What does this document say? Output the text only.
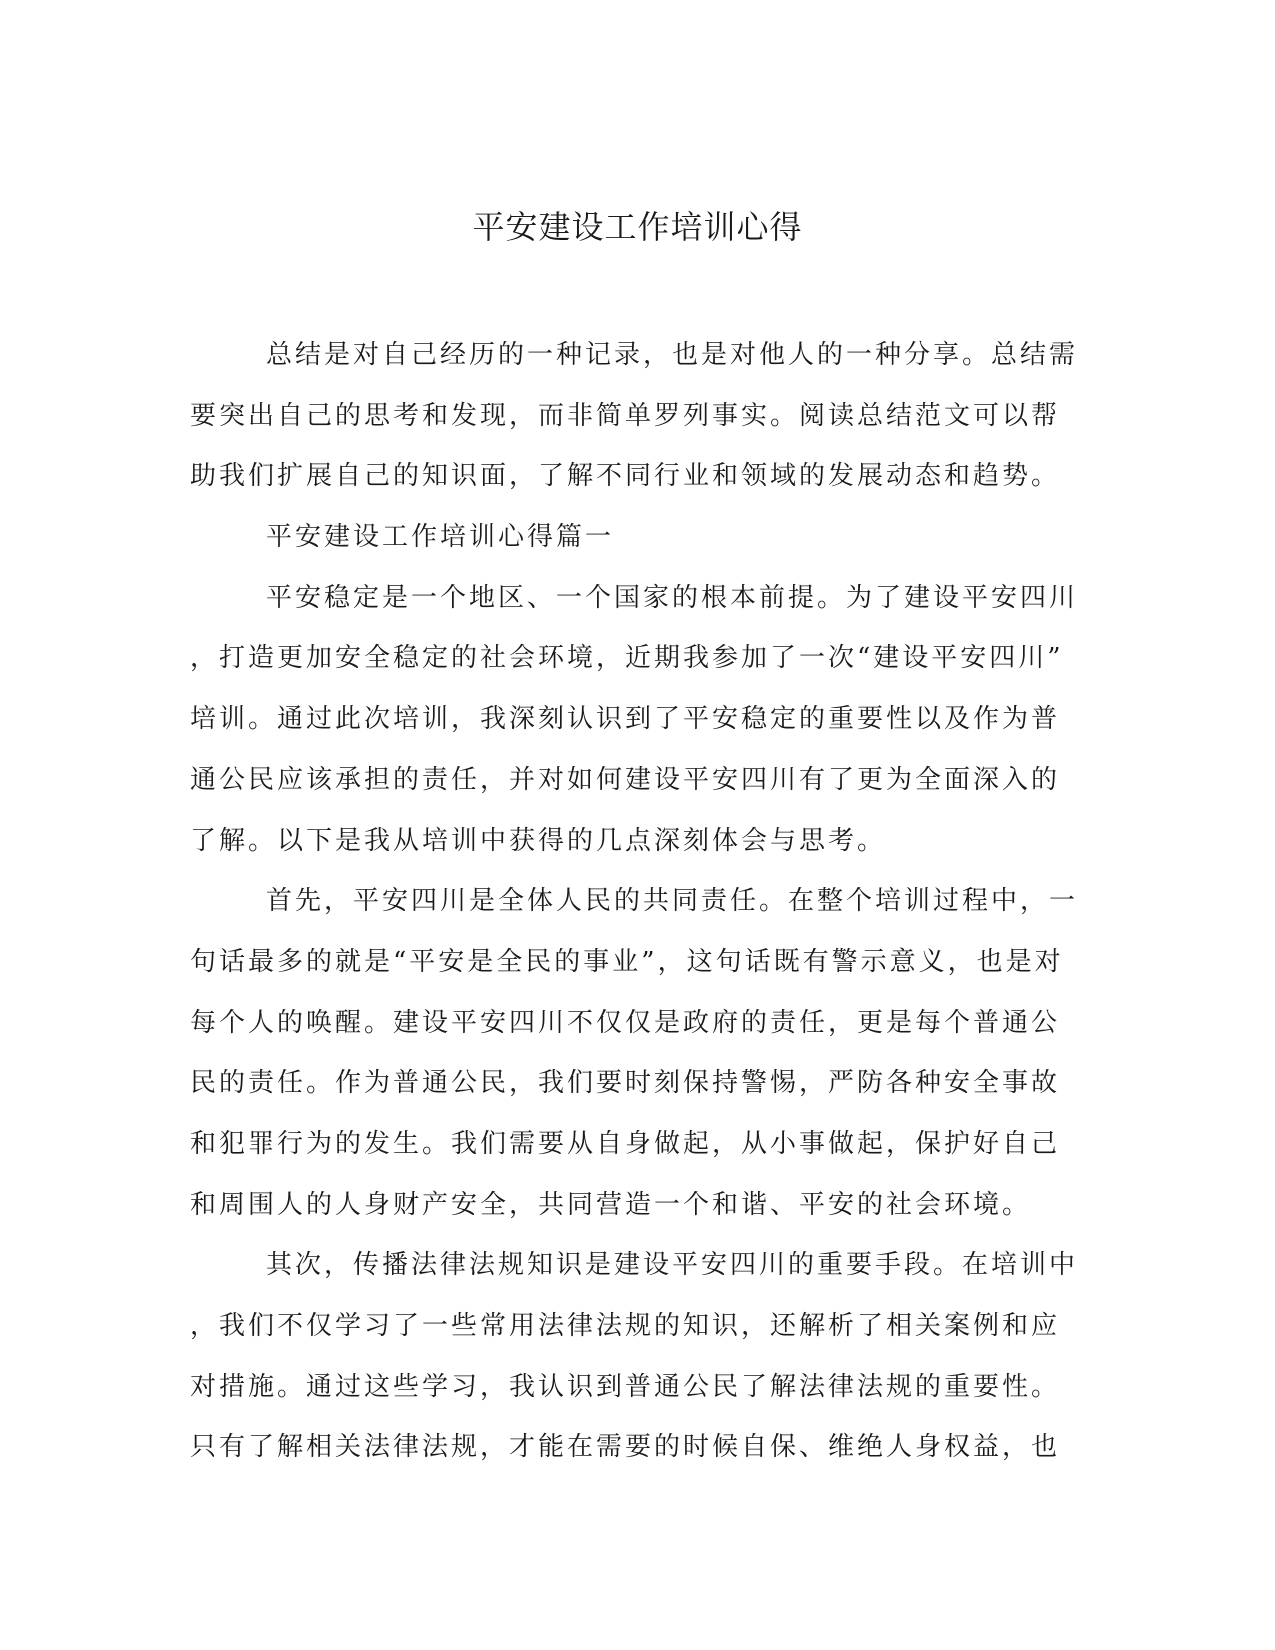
平安建设工作培训心得

总结是对自己经历的一种记录，也是对他人的一种分享。总结需

要突出自己的思考和发现，而非简单罗列事实。阅读总结范文可以帮

助我们扩展自己的知识面，了解不同行业和领域的发展动态和趋势。

平安建设工作培训心得篇一

平安稳定是一个地区、一个国家的根本前提。为了建设平安四川

，打造更加安全稳定的社会环境，近期我参加了一次“建设平安四川”

培训。通过此次培训，我深刻认识到了平安稳定的重要性以及作为普

通公民应该承担的责任，并对如何建设平安四川有了更为全面深入的

了解。以下是我从培训中获得的几点深刻体会与思考。

首先，平安四川是全体人民的共同责任。在整个培训过程中，一

句话最多的就是“平安是全民的事业”，这句话既有警示意义，也是对

每个人的唤醒。建设平安四川不仅仅是政府的责任，更是每个普通公

民的责任。作为普通公民，我们要时刻保持警惕，严防各种安全事故

和犯罪行为的发生。我们需要从自身做起，从小事做起，保护好自己

和周围人的人身财产安全，共同营造一个和谐、平安的社会环境。

其次，传播法律法规知识是建设平安四川的重要手段。在培训中

，我们不仅学习了一些常用法律法规的知识，还解析了相关案例和应

对措施。通过这些学习，我认识到普通公民了解法律法规的重要性。

只有了解相关法律法规，才能在需要的时候自保、维绝人身权益，也
